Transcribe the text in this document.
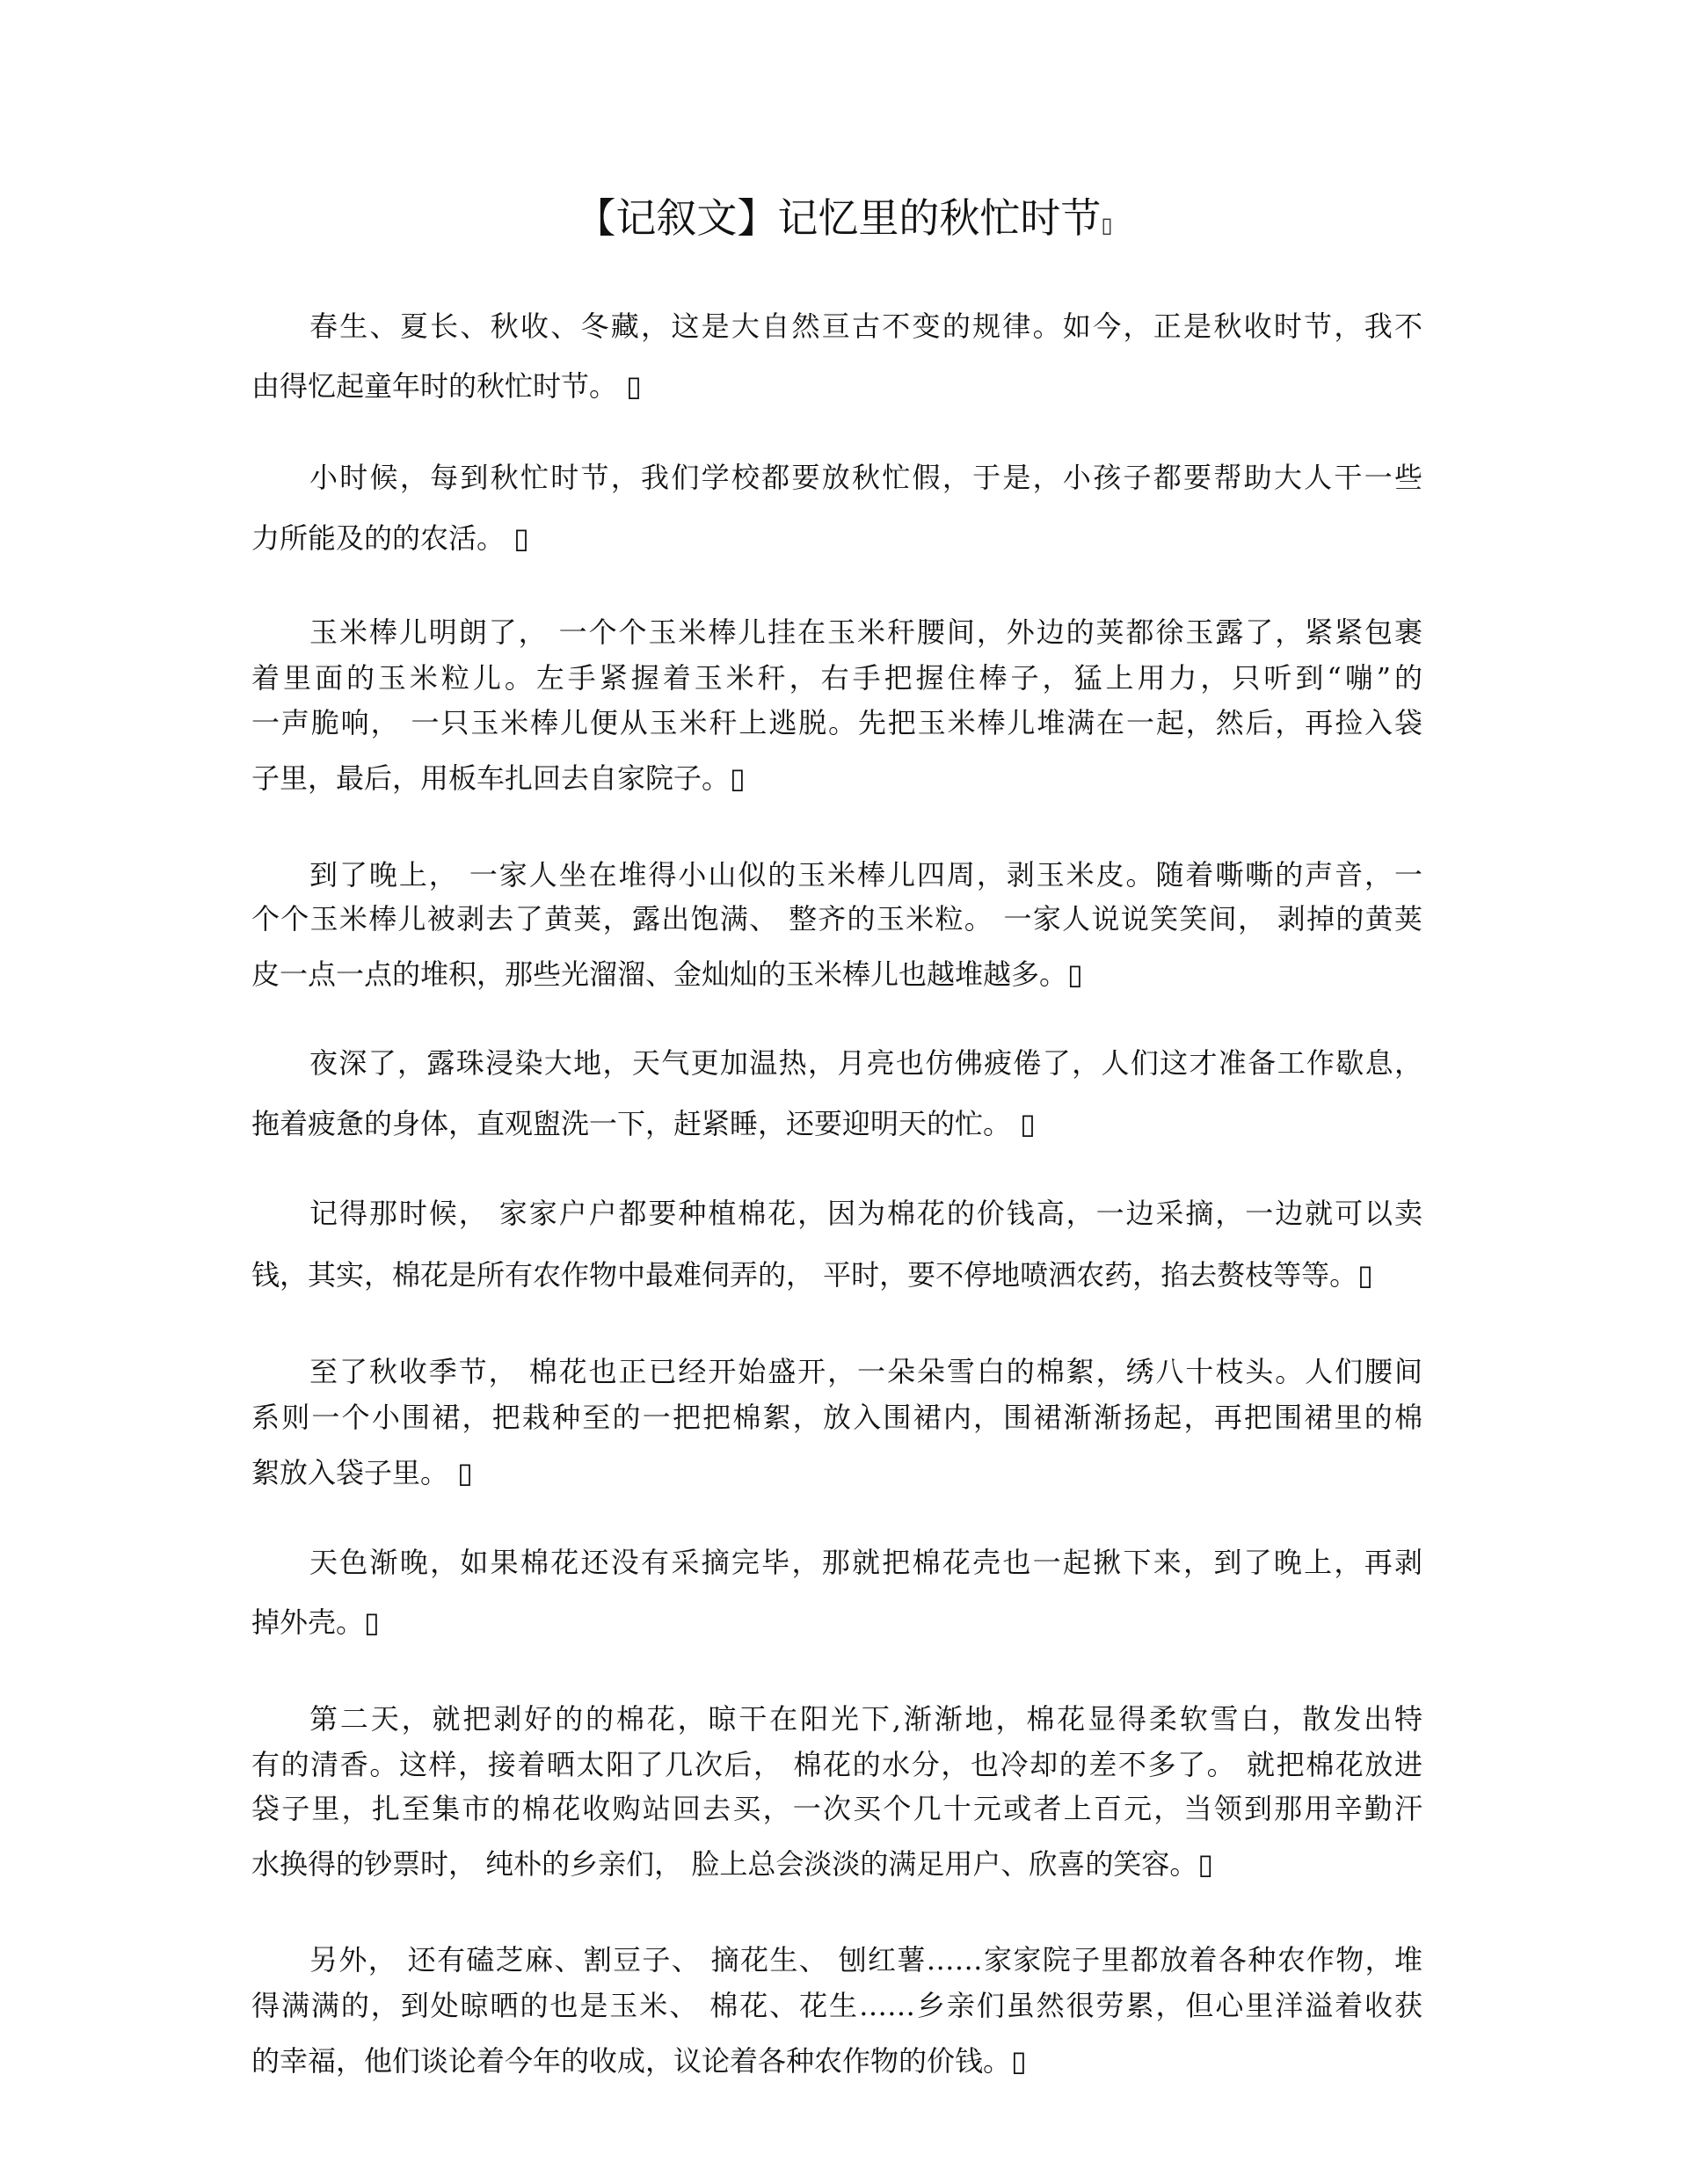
【记叙文】记忆里的秋忙时节▯
春生、夏长、秋收、冬藏，这是大自然亘古不变的规律。如今，正是秋收时节，我不
由得忆起童年时的秋忙时节。 ▯
小时候，每到秋忙时节，我们学校都要放秋忙假，于是，小孩子都要帮助大人干一些
力所能及的的农活。 ▯
玉米棒儿明朗了， 一个个玉米棒儿挂在玉米秆腰间，外边的荚都徐玉露了，紧紧包裹
着里面的玉米粒儿。左手紧握着玉米秆，右手把握住棒子，猛上用力，只听到“嘣”的
一声脆响， 一只玉米棒儿便从玉米秆上逃脱。先把玉米棒儿堆满在一起，然后，再捡入袋
子里，最后，用板车扎回去自家院子。▯
到了晚上， 一家人坐在堆得小山似的玉米棒儿四周，剥玉米皮。随着嘶嘶的声音，一
个个玉米棒儿被剥去了黄荚，露出饱满、 整齐的玉米粒。 一家人说说笑笑间， 剥掉的黄荚
皮一点一点的堆积，那些光溜溜、金灿灿的玉米棒儿也越堆越多。▯
夜深了，露珠浸染大地，天气更加温热，月亮也仿佛疲倦了，人们这才准备工作歇息，
拖着疲惫的身体，直观盥洗一下，赶紧睡，还要迎明天的忙。 ▯
记得那时候， 家家户户都要种植棉花，因为棉花的价钱高，一边采摘，一边就可以卖
钱，其实，棉花是所有农作物中最难伺弄的， 平时，要不停地喷洒农药，掐去赘枝等等。▯
至了秋收季节， 棉花也正已经开始盛开，一朵朵雪白的棉絮，绣八十枝头。人们腰间
系则一个小围裙，把栽种至的一把把棉絮，放入围裙内，围裙渐渐扬起，再把围裙里的棉
絮放入袋子里。 ▯
天色渐晚，如果棉花还没有采摘完毕，那就把棉花壳也一起揪下来，到了晚上，再剥
掉外壳。▯
第二天，就把剥好的的棉花，晾干在阳光下,渐渐地，棉花显得柔软雪白，散发出特
有的清香。这样，接着晒太阳了几次后， 棉花的水分，也冷却的差不多了。 就把棉花放进
袋子里，扎至集市的棉花收购站回去买，一次买个几十元或者上百元，当领到那用辛勤汗
水换得的钞票时， 纯朴的乡亲们， 脸上总会淡淡的满足用户、欣喜的笑容。▯
另外， 还有磕芝麻、割豆子、 摘花生、 刨红薯……家家院子里都放着各种农作物，堆
得满满的，到处晾晒的也是玉米、 棉花、花生……乡亲们虽然很劳累，但心里洋溢着收获
的幸福，他们谈论着今年的收成，议论着各种农作物的价钱。▯
